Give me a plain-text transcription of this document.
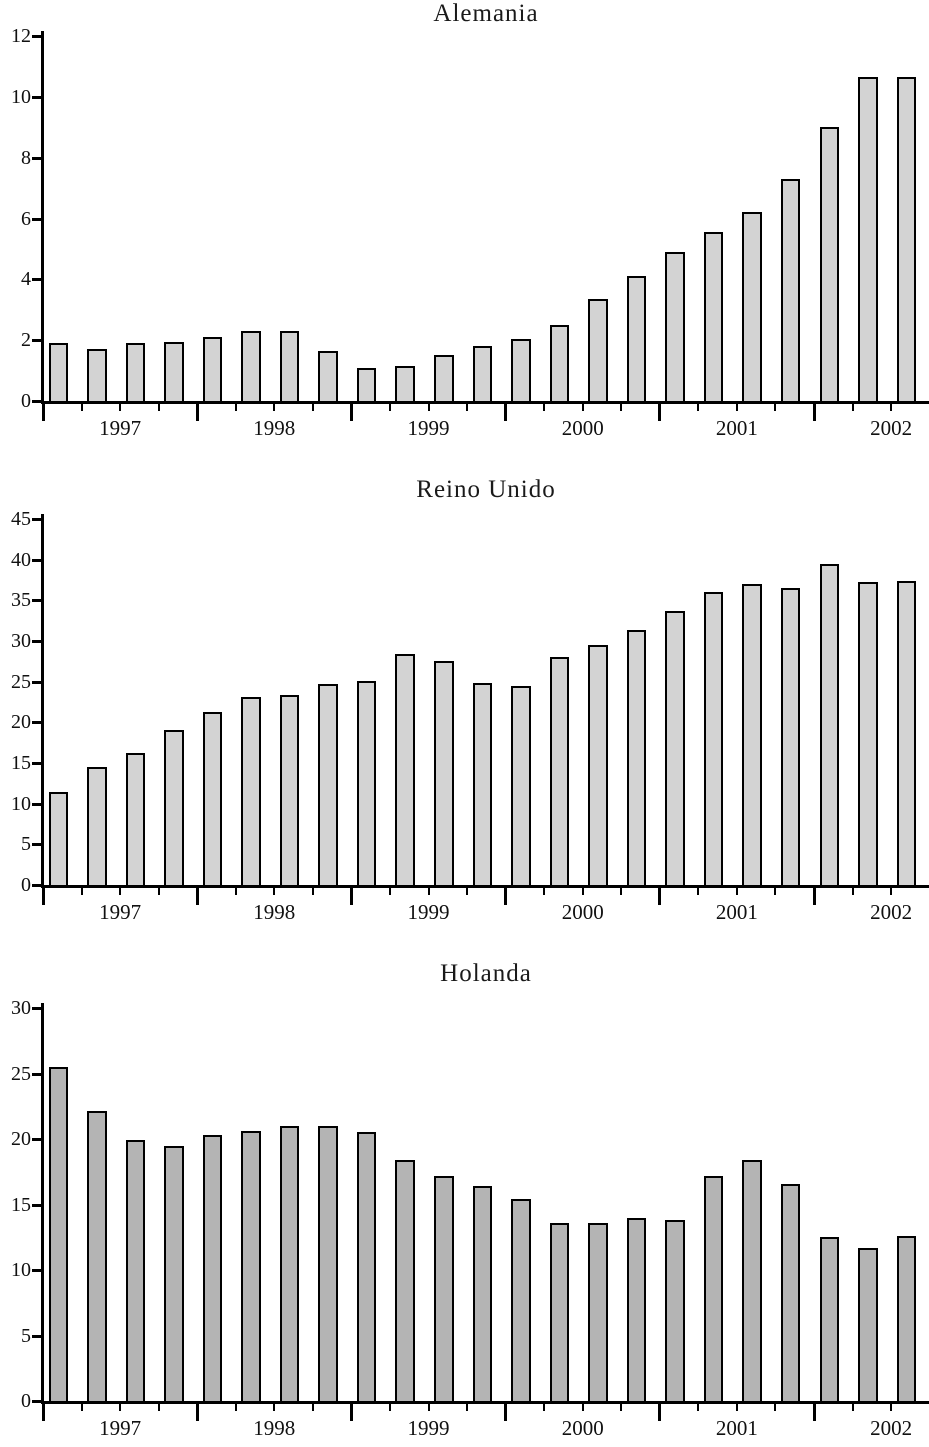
Alemania
Reino Unido
Holanda
0
2
4
6
8
10
12
1997	1998	1999	2000	2001	2002
0
5
10
15
20
25
30
35
40
45
1997	1998	1999	2000	2001	2002
0
5
10
15
20
25
30
1997	1998	1999	2000	2001	2002
